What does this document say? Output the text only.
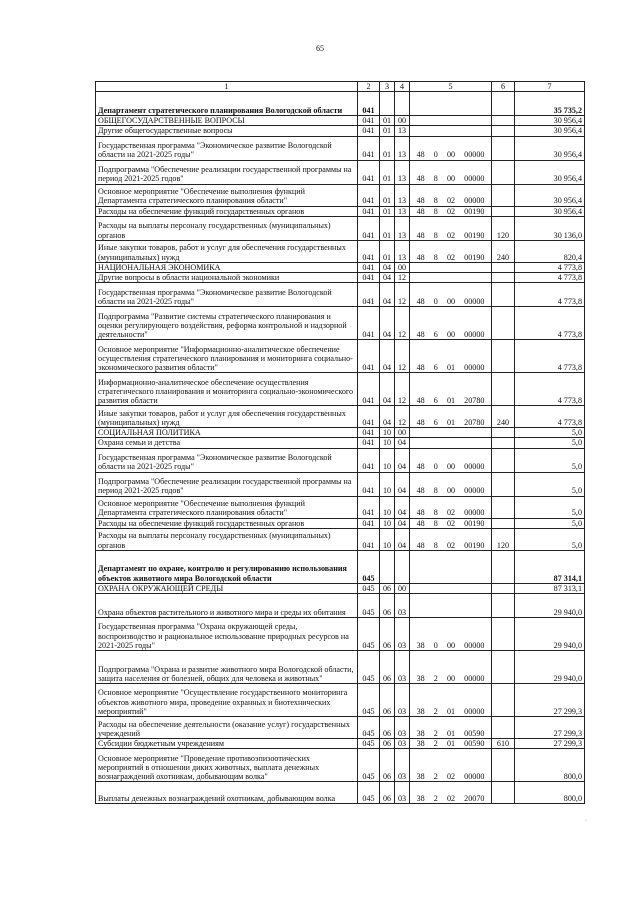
65
1	2	3	4	5	6	7
Департамент стратегического планирования Вологодской области	041					35 735,2
ОБЩЕГОСУДАРСТВЕННЫЕ ВОПРОСЫ	041	01	00			30 956,4
Другие общегосударственные вопросы	041	01	13			30 956,4
Государственная программа "Экономическое развитие Вологодской области на 2021-2025 годы"	041	01	13	48 0 00 00000		30 956,4
Подпрограмма "Обеспечение реализации государственной программы на период 2021-2025 годов"	041	01	13	48 8 00 00000		30 956,4
Основное мероприятие "Обеспечение выполнения функций Департамента стратегического планирования области"	041	01	13	48 8 02 00000		30 956,4
Расходы на обеспечение функций государственных органов	041	01	13	48 8 02 00190		30 956,4
Расходы на выплаты персоналу государственных (муниципальных) органов	041	01	13	48 8 02 00190	120	30 136,0
Иные закупки товаров, работ и услуг для обеспечения государственных (муниципальных) нужд	041	01	13	48 8 02 00190	240	820,4
НАЦИОНАЛЬНАЯ ЭКОНОМИКА	041	04	00			4 773,8
Другие вопросы в области национальной экономики	041	04	12			4 773,8
Государственная программа "Экономическое развитие Вологодской области на 2021-2025 годы"	041	04	12	48 0 00 00000		4 773,8
Подпрограмма "Развитие системы стратегического планирования и оценки регулирующего воздействия, реформа контрольной и надзорной деятельности"	041	04	12	48 6 00 00000		4 773,8
Основное мероприятие "Информационно-аналитическое обеспечение осуществления стратегического планирования и мониторинга социально-экономического развития области"	041	04	12	48 6 01 00000		4 773,8
Информационно-аналитическое обеспечение осуществления стратегического планирования и мониторинга социально-экономического развития области	041	04	12	48 6 01 20780		4 773,8
Иные закупки товаров, работ и услуг для обеспечения государственных (муниципальных) нужд	041	04	12	48 6 01 20780	240	4 773,8
СОЦИАЛЬНАЯ ПОЛИТИКА	041	10	00			5,0
Охрана семьи и детства	041	10	04			5,0
Государственная программа "Экономическое развитие Вологодской области на 2021-2025 годы"	041	10	04	48 0 00 00000		5,0
Подпрограмма "Обеспечение реализации государственной программы на период 2021-2025 годов"	041	10	04	48 8 00 00000		5,0
Основное мероприятие "Обеспечение выполнения функций Департамента стратегического планирования области"	041	10	04	48 8 02 00000		5,0
Расходы на обеспечение функций государственных органов	041	10	04	48 8 02 00190		5,0
Расходы на выплаты персоналу государственных (муниципальных) органов	041	10	04	48 8 02 00190	120	5,0
Департамент по охране, контролю и регулированию использования объектов животного мира Вологодской области	045					87 314,1
ОХРАНА ОКРУЖАЮЩЕЙ СРЕДЫ	045	06	00			87 313,1
Охрана объектов растительного и животного мира и среды их обитания	045	06	03			29 940,0
Государственная программа "Охрана окружающей среды, воспроизводство и рациональное использование природных ресурсов на 2021-2025 годы"	045	06	03	38 0 00 00000		29 940,0
Подпрограмма "Охрана и развитие животного мира Вологодской области, защита населения от болезней, общих для человека и животных"	045	06	03	38 2 00 00000		29 940,0
Основное мероприятие "Осуществление государственного мониторинга объектов животного мира, проведение охранных и биотехнических мероприятий"	045	06	03	38 2 01 00000		27 299,3
Расходы на обеспечение деятельности (оказание услуг) государственных учреждений	045	06	03	38 2 01 00590		27 299,3
Субсидии бюджетным учреждениям	045	06	03	38 2 01 00590	610	27 299,3
Основное мероприятие "Проведение противоэпизоотических мероприятий в отношении диких животных, выплата денежных вознаграждений охотникам, добывающим волка"	045	06	03	38 2 02 00000		800,0
Выплаты денежных вознаграждений охотникам, добывающим волка	045	06	03	38 2 02 20070		800,0
·
